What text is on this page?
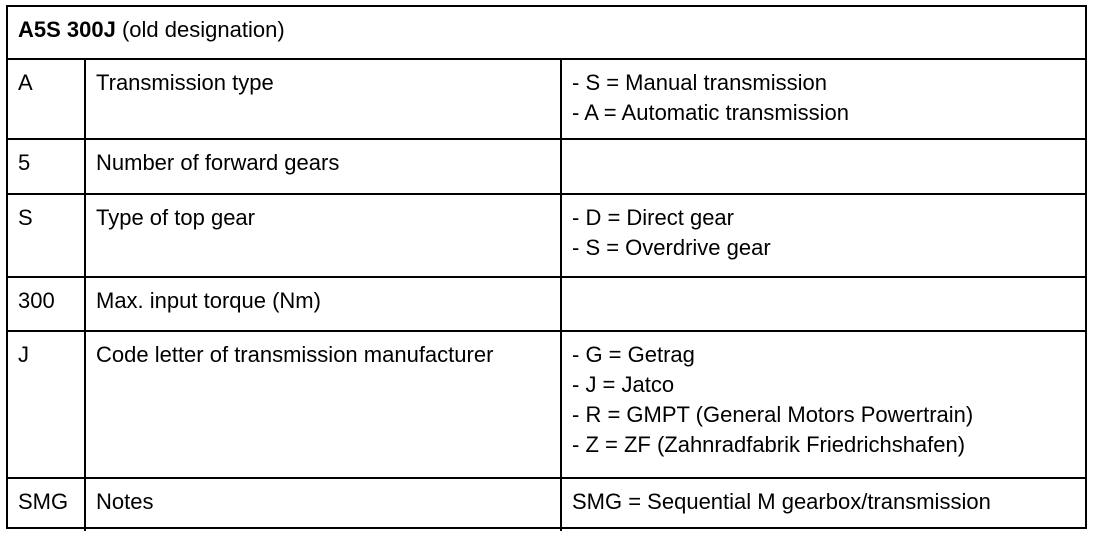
A5S 300J (old designation)		
A	Transmission type	- S = Manual transmission
- A = Automatic transmission

5	Number of forward gears	
S	Type of top gear	- D = Direct gear
- S = Overdrive gear

300	Max. input torque (Nm)	
J	Code letter of transmission manufacturer	- G = Getrag
- J = Jatco
- R = GMPT (General Motors Powertrain)
- Z = ZF (Zahnradfabrik Friedrichshafen)

SMG	Notes	SMG = Sequential M gearbox/transmission
